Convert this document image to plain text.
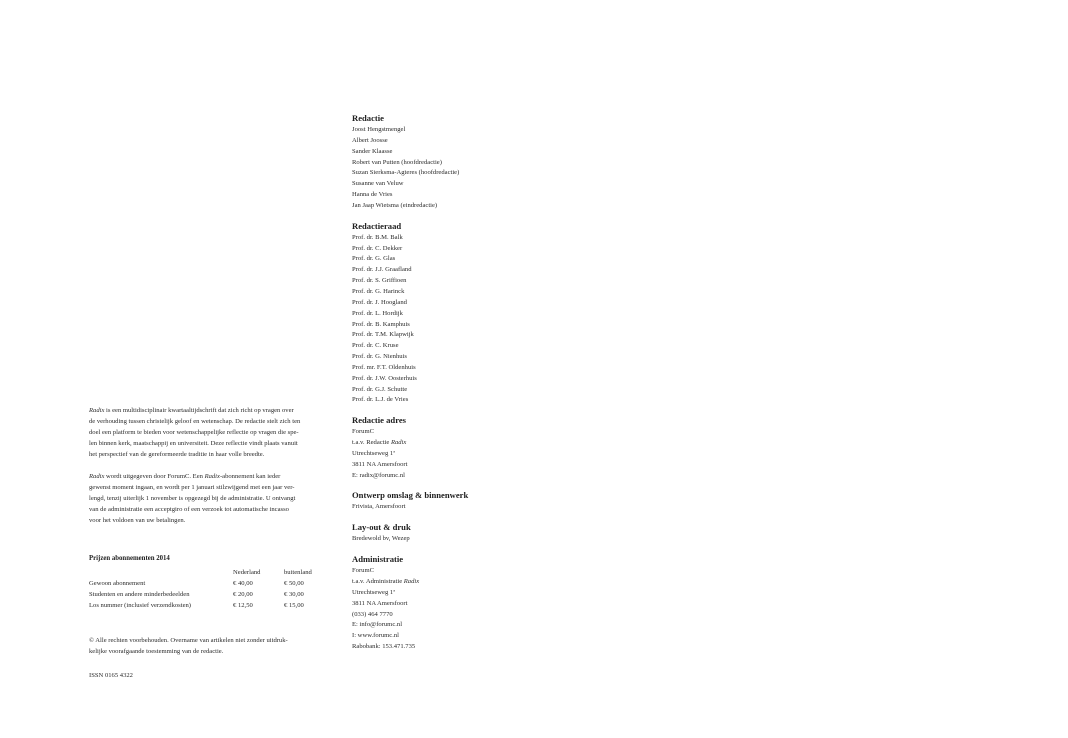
Radix is een multidisciplinair kwartaaltijdschrift dat zich richt op vragen over
de verhouding tussen christelijk geloof en wetenschap. De redactie stelt zich ten
doel een platform te bieden voor wetenschappelijke reflectie op vragen die spe-
len binnen kerk, maatschappij en universiteit. Deze reflectie vindt plaats vanuit
het perspectief van de gereformeerde traditie in haar volle breedte.

Radix wordt uitgegeven door ForumC. Een Radix-abonnement kan ieder
gewenst moment ingaan, en wordt per 1 januari stilzwijgend met een jaar ver-
lengd, tenzij uiterlijk 1 november is opgezegd bij de administratie. U ontvangt
van de administratie een acceptgiro of een verzoek tot automatische incasso
voor het voldoen van uw betalingen.

Prijzen abonnementen 2014
	Nederland	buitenland
Gewoon abonnement	€ 40,00	€ 50,00
Studenten en andere minderbedeelden	€ 20,00	€ 30,00
Los nummer (inclusief verzendkosten)	€ 12,50	€ 15,00

© Alle rechten voorbehouden. Overname van artikelen niet zonder uitdruk-
kelijke voorafgaande toestemming van de redactie.

ISSN 0165 4322

Redactie
Joost Hengstmengel
Albert Joosse
Sander Klaasse
Robert van Putten (hoofdredactie)
Suzan Sierksma-Agteres (hoofdredactie)
Susanne van Veluw
Hanna de Vries
Jan Jaap Wietsma (eindredactie)
Redactieraad
Prof. dr. B.M. Balk
Prof. dr. C. Dekker
Prof. dr. G. Glas
Prof. dr. J.J. Graafland
Prof. dr. S. Griffioen
Prof. dr. G. Harinck
Prof. dr. J. Hoogland
Prof. dr. L. Hordijk
Prof. dr. B. Kamphuis
Prof. dr. T.M. Klapwijk
Prof. dr. C. Kruse
Prof. dr. G. Nienhuis
Prof. mr. F.T. Oldenhuis
Prof. dr. J.W. Oosterhuis
Prof. dr. G.J. Schutte
Prof. dr. L.J. de Vries
Redactie adres
ForumC
t.a.v. Redactie Radix
Utrechtseweg 1ª
3811 NA Amersfoort
E: radix@forumc.nl
Ontwerp omslag & binnenwerk
Frivista, Amersfoort
Lay-out & druk
Bredewold bv, Wezep
Administratie
ForumC
t.a.v. Administratie Radix
Utrechtseweg 1ª
3811 NA Amersfoort
(033) 464 7770
E: info@forumc.nl
I: www.forumc.nl
Rabobank: 153.471.735
